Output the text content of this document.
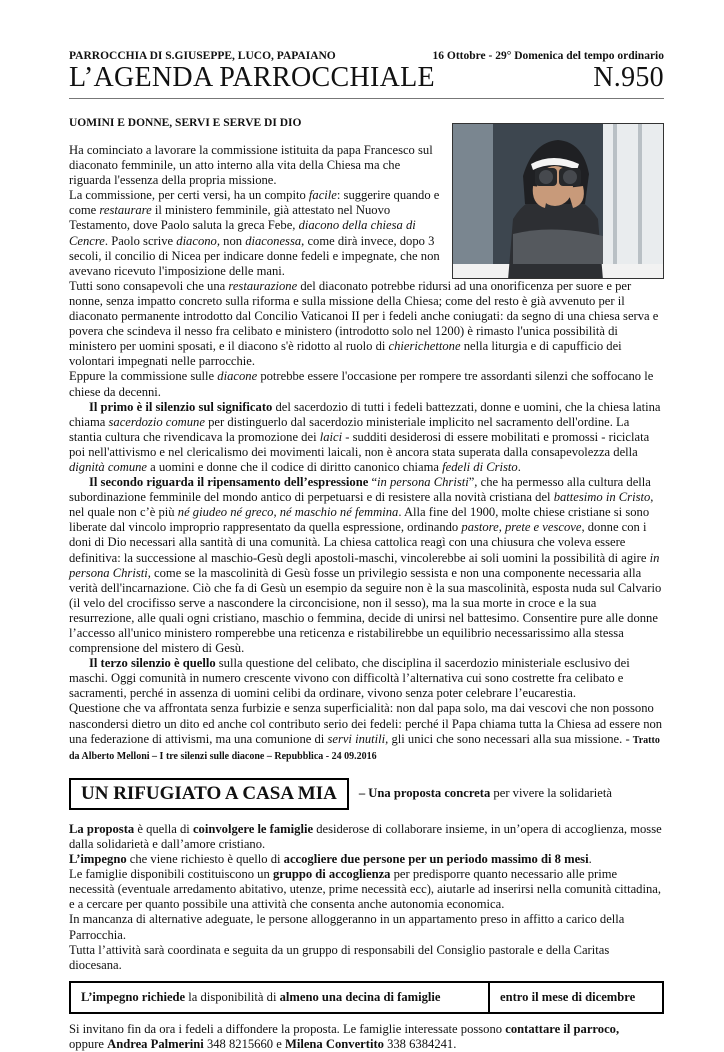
PARROCCHIA DI S.GIUSEPPE, LUCO, PAPAIANO	16 Ottobre - 29° Domenica del tempo ordinario
L’AGENDA PARROCCHIALE	N.950
UOMINI E DONNE, SERVI E SERVE DI DIO

Ha cominciato a lavorare la commissione istituita da papa Francesco sul diaconato femminile, un atto interno alla vita della Chiesa ma che riguarda l'essenza della propria missione.

La commissione, per certi versi, ha un compito facile: suggerire quando e come restaurare il ministero femminile, già attestato nel Nuovo Testamento, dove Paolo saluta la greca Febe, diacono della chiesa di Cencre. Paolo scrive diacono, non diaconessa, come dirà invece, dopo 3 secoli, il concilio di Nicea per indicare donne fedeli e impegnate, che non avevano ricevuto l'imposizione delle mani.

Tutti sono consapevoli che una restaurazione del diaconato potrebbe ridursi ad una onorificenza per suore e per nonne, senza impatto concreto sulla riforma e sulla missione della Chiesa; come del resto è già avvenuto per il diaconato permanente introdotto dal Concilio Vaticanoi II per i fedeli anche coniugati: da segno di una chiesa serva e povera che scindeva il nesso fra celibato e ministero (introdotto solo nel 1200) è rimasto l'unica possibilità di ministero per uomini sposati, e il diacono s'è ridotto al ruolo di chierichettone nella liturgia e di capufficio dei volontari impegnati nelle parrocchie.

Eppure la commissione sulle diacone potrebbe essere l'occasione per rompere tre assordanti silenzi che soffocano le chiese da decenni.

Il primo è il silenzio sul significato del sacerdozio di tutti i fedeli battezzati, donne e uomini, che la chiesa latina chiama sacerdozio comune per distinguerlo dal sacerdozio ministeriale implicito nel sacramento dell'ordine. La stantia cultura che rivendicava la promozione dei laici - sudditi desiderosi di essere mobilitati e promossi - riciclata poi nell'attivismo e nel clericalismo dei movimenti laicali, non è ancora stata superata dalla consapevolezza della dignità comune a uomini e donne che il codice di diritto canonico chiama fedeli di Cristo.

Il secondo riguarda il ripensamento dell’espressione “in persona Christi”, che ha permesso alla cultura della subordinazione femminile del mondo antico di perpetuarsi e di resistere alla novità cristiana del battesimo in Cristo, nel quale non c’è più né giudeo né greco, né maschio né femmina. Alla fine del 1900, molte chiese cristiane si sono liberate dal vincolo improprio rappresentato da quella espressione, ordinando pastore, prete e vescove, donne con i doni di Dio necessari alla santità di una comunità. La chiesa cattolica reagì con una chiusura che voleva essere definitiva: la successione al maschio-Gesù degli apostoli-maschi, vincolerebbe ai soli uomini la possibilità di agire in persona Christi, come se la mascolinità di Gesù fosse un privilegio sessista e non una componente necessaria alla verità dell'incarnazione. Ciò che fa di Gesù un esempio da seguire non è la sua mascolinità, esposta nuda sul Calvario (il velo del crocifisso serve a nascondere la circoncisione, non il sesso), ma la sua morte in croce e la sua resurrezione, alle quali ogni cristiano, maschio o femmina, decide di unirsi nel battesimo. Consentire pure alle donne l’accesso all'unico ministero romperebbe una reticenza e ristabilirebbe un equilibrio necessarissimo alla stessa comprensione del mistero di Gesù.

Il terzo silenzio è quello sulla questione del celibato, che disciplina il sacerdozio ministeriale esclusivo dei maschi. Oggi comunità in numero crescente vivono con difficoltà l’alternativa cui sono costrette fra celibato e sacramenti, perché in assenza di uomini celibi da ordinare, vivono senza poter celebrare l’eucarestia.

Questione che va affrontata senza furbizie e senza superficialità: non dal papa solo, ma dai vescovi che non possono nascondersi dietro un dito ed anche col contributo serio dei fedeli: perché il Papa chiama tutta la Chiesa ad essere non una federazione di attivismi, ma una comunione di servi inutili, gli unici che sono necessari alla sua missione. - Tratto da Alberto Melloni – I tre silenzi sulle diacone – Repubblica - 24 09.2016

UN RIFUGIATO A CASA MIA	– Una proposta concreta per vivere la solidarietà

La proposta è quella di coinvolgere le famiglie desiderose di collaborare insieme, in un’opera di accoglienza, mosse dalla solidarietà e dall’amore cristiano.

L’impegno che viene richiesto è quello di accogliere due persone per un periodo massimo di 8 mesi.

Le famiglie disponibili costituiscono un gruppo di accoglienza per predisporre quanto necessario alle prime necessità (eventuale arredamento abitativo, utenze, prime necessità ecc), aiutarle ad inserirsi nella comunità cittadina, e a cercare per quanto possibile una attività che consenta anche autonomia economica.

In mancanza di alternative adeguate, le persone alloggeranno in un appartamento preso in affitto a carico della Parrocchia.

Tutta l’attività sarà coordinata e seguita da un gruppo di responsabili del Consiglio pastorale e della Caritas diocesana.

L’impegno richiede la disponibilità di almeno una decina di famiglie	entro il mese di dicembre

Si invitano fin da ora i fedeli a diffondere la proposta. Le famiglie interessate possono contattare il parroco,
oppure Andrea Palmerini 348 8215660 e Milena Convertito 338 6384241.
